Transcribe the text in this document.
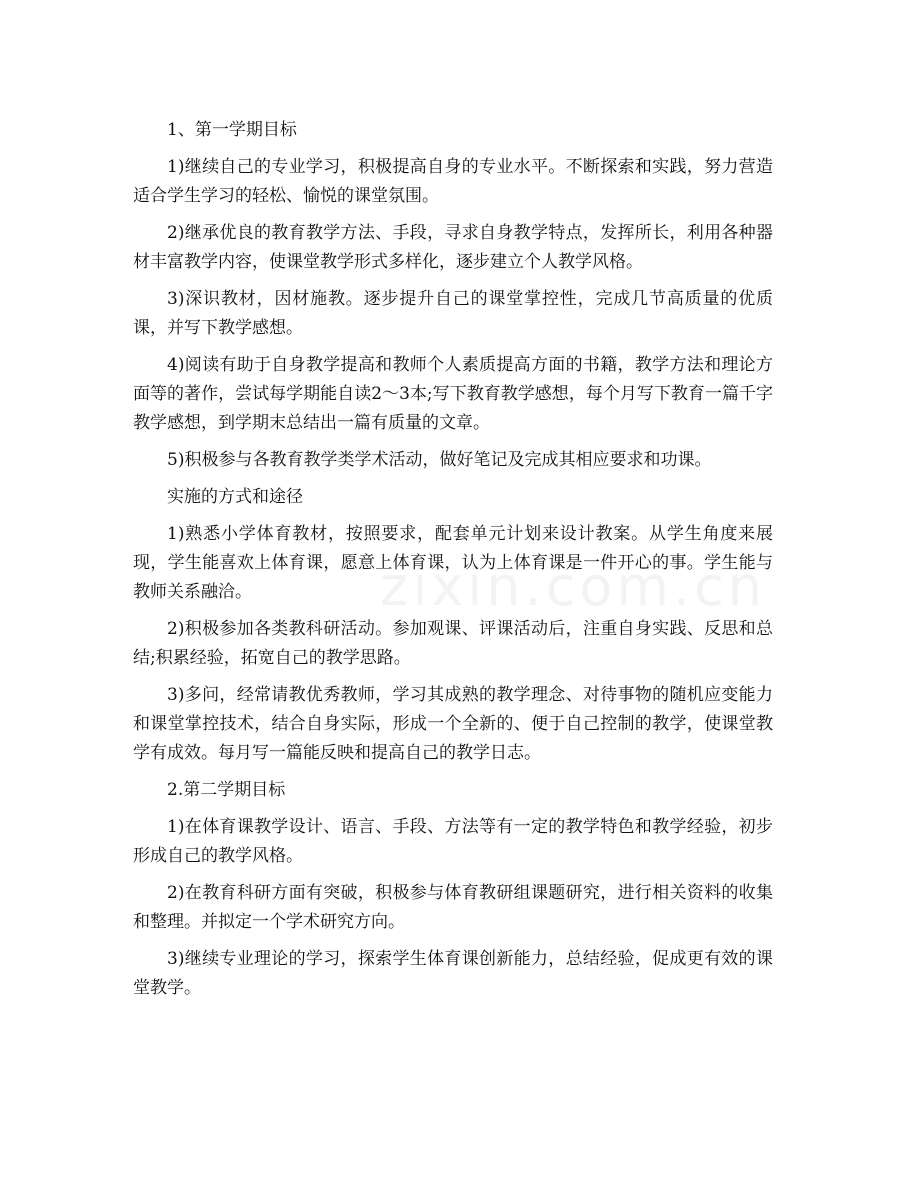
1、第一学期目标

1)继续自己的专业学习，积极提高自身的专业水平。不断探索和实践，努力营造适合学生学习的轻松、愉悦的课堂氛围。

2)继承优良的教育教学方法、手段，寻求自身教学特点，发挥所长，利用各种器材丰富教学内容，使课堂教学形式多样化，逐步建立个人教学风格。

3)深识教材，因材施教。逐步提升自己的课堂掌控性，完成几节高质量的优质课，并写下教学感想。

4)阅读有助于自身教学提高和教师个人素质提高方面的书籍，教学方法和理论方面等的著作，尝试每学期能自读2～3本;写下教育教学感想，每个月写下教育一篇千字教学感想，到学期末总结出一篇有质量的文章。

5)积极参与各教育教学类学术活动，做好笔记及完成其相应要求和功课。

实施的方式和途径

1)熟悉小学体育教材，按照要求，配套单元计划来设计教案。从学生角度来展现，学生能喜欢上体育课，愿意上体育课，认为上体育课是一件开心的事。学生能与教师关系融洽。

2)积极参加各类教科研活动。参加观课、评课活动后，注重自身实践、反思和总结;积累经验，拓宽自己的教学思路。

3)多问，经常请教优秀教师，学习其成熟的教学理念、对待事物的随机应变能力和课堂掌控技术，结合自身实际，形成一个全新的、便于自己控制的教学，使课堂教学有成效。每月写一篇能反映和提高自己的教学日志。

2.第二学期目标

1)在体育课教学设计、语言、手段、方法等有一定的教学特色和教学经验，初步形成自己的教学风格。

2)在教育科研方面有突破，积极参与体育教研组课题研究，进行相关资料的收集和整理。并拟定一个学术研究方向。

3)继续专业理论的学习，探索学生体育课创新能力，总结经验，促成更有效的课堂教学。
